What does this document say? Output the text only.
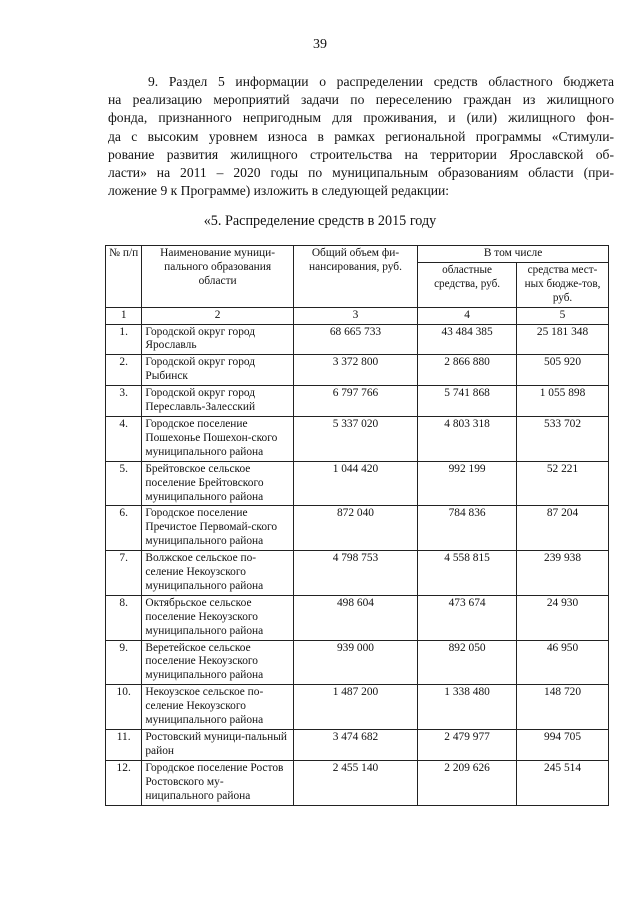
39

9. Раздел 5 информации о распределении средств областного бюджета
на реализацию мероприятий задачи по переселению граждан из жилищного
фонда, признанного непригодным для проживания, и (или) жилищного фон-
да с высоким уровнем износа в рамках региональной программы «Стимули-
рование развития жилищного строительства на территории Ярославской об-
ласти» на 2011 – 2020 годы по муниципальным образованиям области (при-
ложение 9 к Программе) изложить в следующей редакции:

«5. Распределение средств в 2015 году
№ п/п	Наименование муници-пального образования области	Общий объем фи-нансирования, руб.	В том числе	
			областные средства, руб.	средства мест-ных бюдже-тов, руб.
1	2	3	4	5
1.	Городской округ город Ярославль	68 665 733	43 484 385	25 181 348
2.	Городской округ город Рыбинск	3 372 800	2 866 880	505 920
3.	Городской округ город Переславль-Залесский	6 797 766	5 741 868	1 055 898
4.	Городское поселение Пошехонье Пошехон-ского муниципального района	5 337 020	4 803 318	533 702
5.	Брейтовское сельское поселение Брейтовского муниципального района	1 044 420	992 199	52 221
6.	Городское поселение Пречистое Первомай-ского муниципального района	872 040	784 836	87 204
7.	Волжское сельское по-селение Некоузского муниципального района	4 798 753	4 558 815	239 938
8.	Октябрьское сельское поселение Некоузского муниципального района	498 604	473 674	24 930
9.	Веретейское сельское поселение Некоузского муниципального района	939 000	892 050	46 950
10.	Некоузское сельское по-селение Некоузского муниципального района	1 487 200	1 338 480	148 720
11.	Ростовский муници-пальный район	3 474 682	2 479 977	994 705
12.	Городское поселение Ростов Ростовского му-ниципального района	2 455 140	2 209 626	245 514
